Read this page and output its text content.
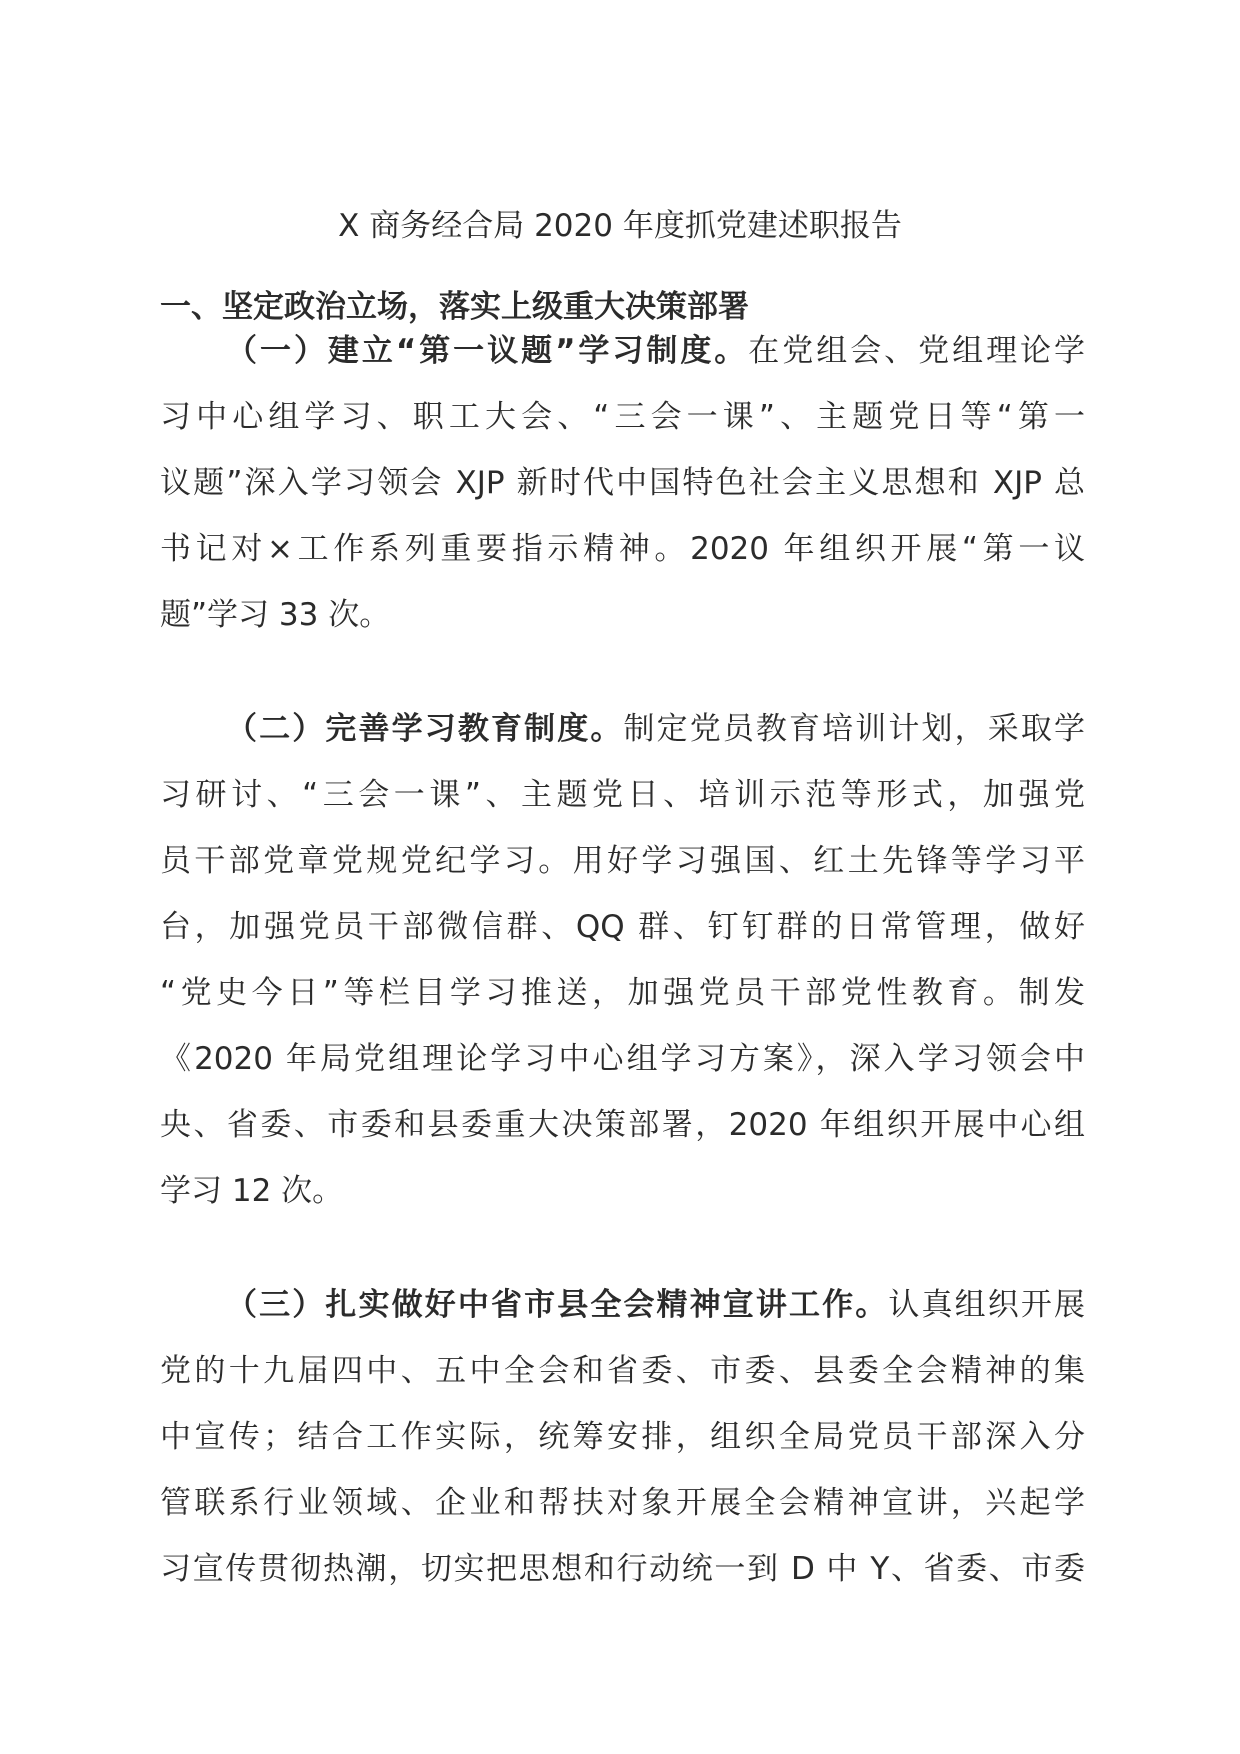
X 商务经合局 2020 年度抓党建述职报告
一、坚定政治立场，落实上级重大决策部署
（一）建立“第一议题”学习制度。在党组会、党组理论学
习中心组学习、职工大会、“三会一课”、主题党日等“第一
议题”深入学习领会 XJP 新时代中国特色社会主义思想和 XJP 总
书记对×工作系列重要指示精神。2020 年组织开展“第一议
题”学习 33 次。
（二）完善学习教育制度。制定党员教育培训计划，采取学
习研讨、“三会一课”、主题党日、培训示范等形式，加强党
员干部党章党规党纪学习。用好学习强国、红土先锋等学习平
台，加强党员干部微信群、QQ 群、钉钉群的日常管理，做好
“党史今日”等栏目学习推送，加强党员干部党性教育。制发
《2020 年局党组理论学习中心组学习方案》，深入学习领会中
央、省委、市委和县委重大决策部署，2020 年组织开展中心组
学习 12 次。
（三）扎实做好中省市县全会精神宣讲工作。认真组织开展
党的十九届四中、五中全会和省委、市委、县委全会精神的集
中宣传；结合工作实际，统筹安排，组织全局党员干部深入分
管联系行业领域、企业和帮扶对象开展全会精神宣讲，兴起学
习宣传贯彻热潮，切实把思想和行动统一到 D 中 Y、省委、市委
